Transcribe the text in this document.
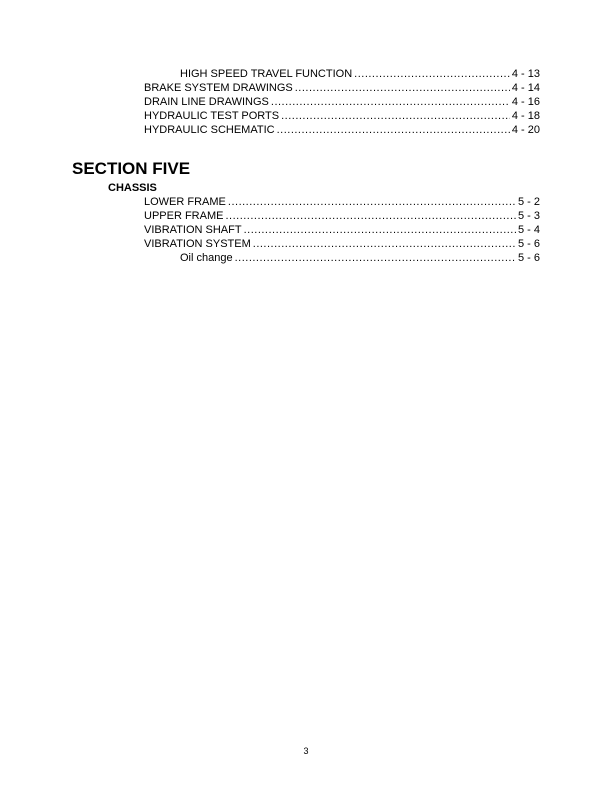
HIGH SPEED TRAVEL FUNCTION .....	4 - 13
BRAKE SYSTEM DRAWINGS .....	4 - 14
DRAIN LINE DRAWINGS .....	4 - 16
HYDRAULIC TEST PORTS .....	4 - 18
HYDRAULIC SCHEMATIC .....	4 - 20
SECTION FIVE
CHASSIS
LOWER FRAME .....	5 - 2
UPPER FRAME .....	5 - 3
VIBRATION SHAFT .....	5 - 4
VIBRATION SYSTEM .....	5 - 6
Oil change .....	5 - 6
3
